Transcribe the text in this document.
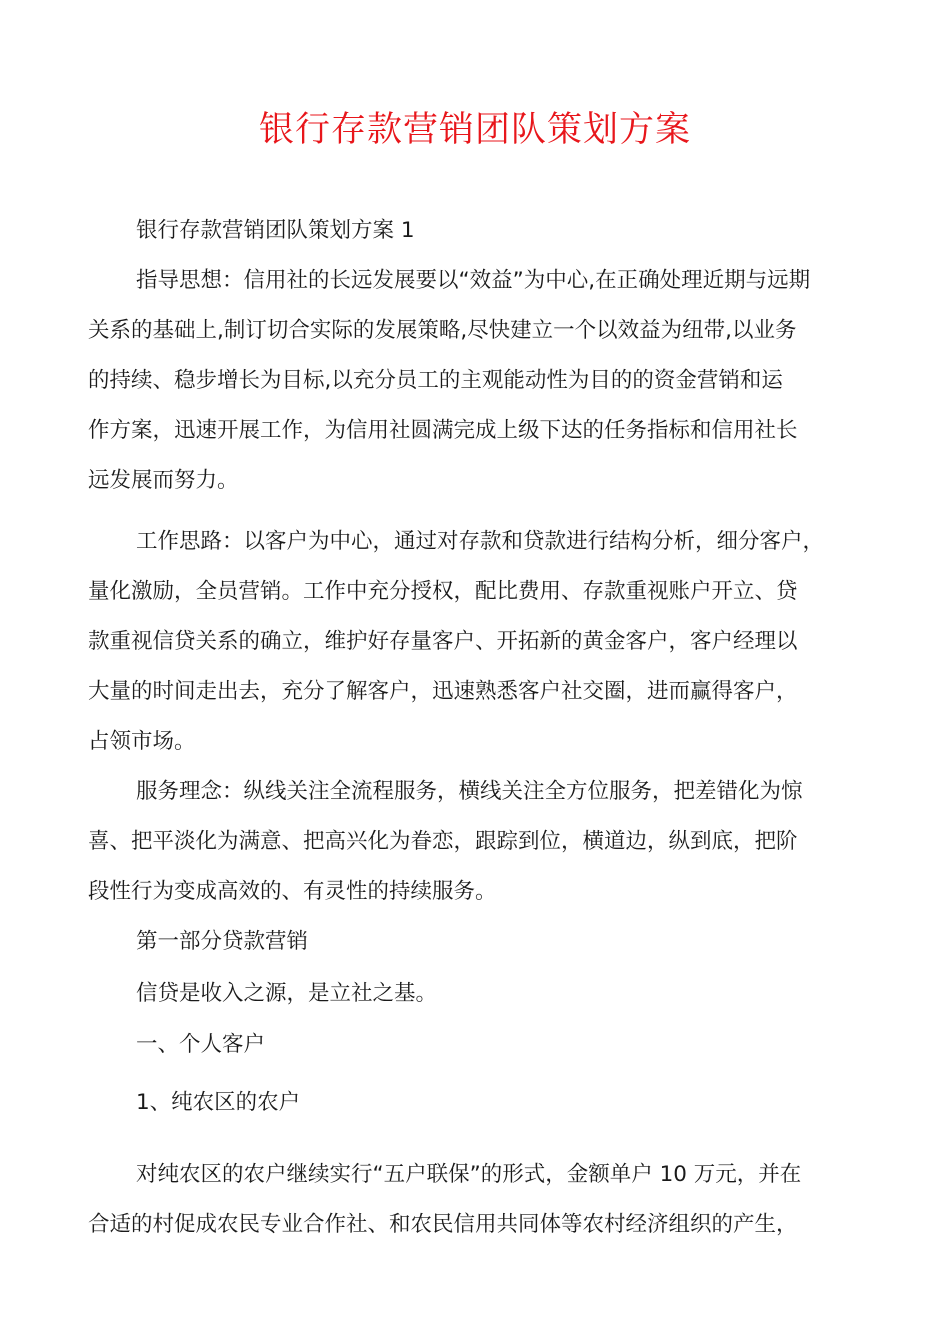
银行存款营销团队策划方案

银行存款营销团队策划方案 1

指导思想：信用社的长远发展要以“效益”为中心,在正确处理近期与远期
关系的基础上,制订切合实际的发展策略,尽快建立一个以效益为纽带,以业务
的持续、稳步增长为目标,以充分员工的主观能动性为目的的资金营销和运
作方案，迅速开展工作，为信用社圆满完成上级下达的任务指标和信用社长
远发展而努力。

工作思路：以客户为中心，通过对存款和贷款进行结构分析，细分客户，
量化激励，全员营销。工作中充分授权，配比费用、存款重视账户开立、贷
款重视信贷关系的确立，维护好存量客户、开拓新的黄金客户，客户经理以
大量的时间走出去，充分了解客户，迅速熟悉客户社交圈，进而赢得客户，
占领市场。

服务理念：纵线关注全流程服务，横线关注全方位服务，把差错化为惊
喜、把平淡化为满意、把高兴化为眷恋，跟踪到位，横道边，纵到底，把阶
段性行为变成高效的、有灵性的持续服务。

第一部分贷款营销

信贷是收入之源，是立社之基。

一、个人客户

1、纯农区的农户

对纯农区的农户继续实行“五户联保”的形式，金额单户 10 万元，并在
合适的村促成农民专业合作社、和农民信用共同体等农村经济组织的产生，
